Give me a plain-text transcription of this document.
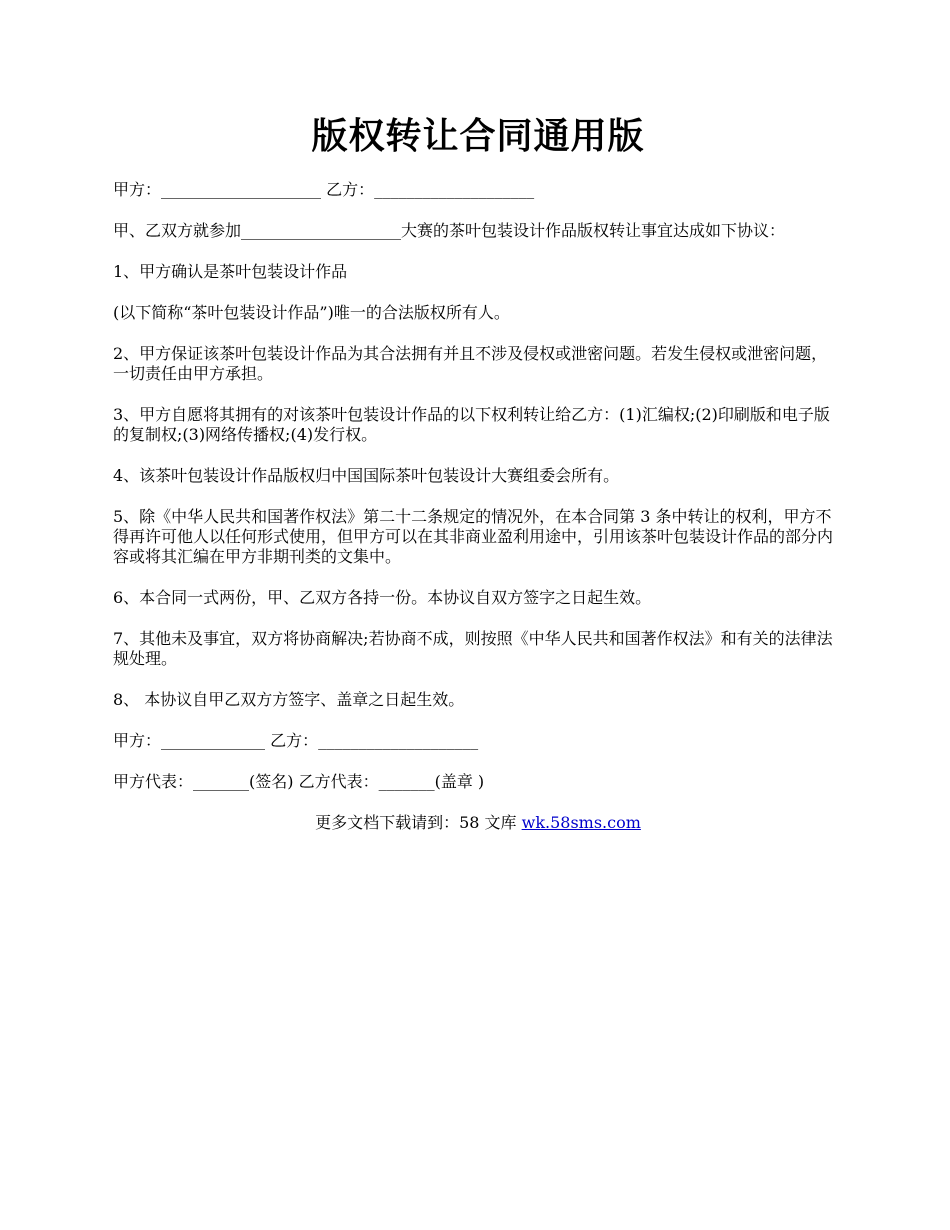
版权转让合同通用版

甲方：____________________ 乙方：____________________

甲、乙双方就参加____________________大赛的茶叶包装设计作品版权转让事宜达成如下协议：

1、甲方确认是茶叶包装设计作品

(以下简称“茶叶包装设计作品”)唯一的合法版权所有人。

2、甲方保证该茶叶包装设计作品为其合法拥有并且不涉及侵权或泄密问题。若发生侵权或泄密问题，一切责任由甲方承担。

3、甲方自愿将其拥有的对该茶叶包装设计作品的以下权利转让给乙方：(1)汇编权;(2)印刷版和电子版的复制权;(3)网络传播权;(4)发行权。

4、该茶叶包装设计作品版权归中国国际茶叶包装设计大赛组委会所有。

5、除《中华人民共和国著作权法》第二十二条规定的情况外，在本合同第 3 条中转让的权利，甲方不得再许可他人以任何形式使用，但甲方可以在其非商业盈利用途中，引用该茶叶包装设计作品的部分内容或将其汇编在甲方非期刊类的文集中。

6、本合同一式两份，甲、乙双方各持一份。本协议自双方签字之日起生效。

7、其他未及事宜，双方将协商解决;若协商不成，则按照《中华人民共和国著作权法》和有关的法律法规处理。

8、 本协议自甲乙双方方签字、盖章之日起生效。

甲方：_____________ 乙方：____________________

甲方代表：_______(签名) 乙方代表：_______(盖章 )

更多文档下载请到：58 文库 wk.58sms.com
